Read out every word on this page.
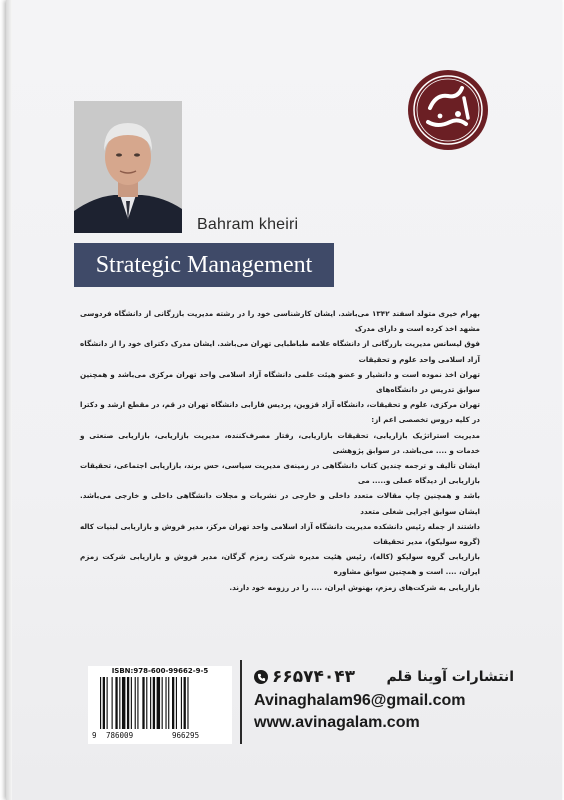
Bahram kheiri
Strategic Management

بهرام خیری متولد اسفند ۱۳۴۲ می‌باشد. ایشان کارشناسی خود را در رشته مدیریت بازرگانی از دانشگاه فردوسی مشهد اخذ کرده است و دارای مدرک

فوق لیسانس مدیریت بازرگانی از دانشگاه علامه طباطبایی تهران می‌باشد. ایشان مدرک دکترای خود را از دانشگاه آزاد اسلامی واحد علوم و تحقیقات

تهران اخذ نموده است و دانشیار و عضو هیئت علمی دانشگاه آزاد اسلامی واحد تهران مرکزی می‌باشد و همچنین سوابق تدریس در دانشگاه‌های

تهران مرکزی، علوم و تحقیقات، دانشگاه آزاد قزوین، پردیس فارابی دانشگاه تهران در قم، در مقطع ارشد و دکترا در کلیه دروس تخصصی اعم از:

مدیریت استراتژیک بازاریابی، تحقیقات بازاریابی، رفتار مصرف‌کننده، مدیریت بازاریابی، بازاریابی صنعتی و خدمات و .... می‌باشد. در سوابق پژوهشی

ایشان تألیف و ترجمه چندین کتاب دانشگاهی در زمینه‌ی مدیریت سیاسی، حس برند، بازاریابی اجتماعی، تحقیقات بازاریابی از دیدگاه عملی و..... می

باشد و همچنین چاپ مقالات متعدد داخلی و خارجی در نشریات و مجلات دانشگاهی داخلی و خارجی می‌باشد. ایشان سوابق اجرایی شغلی متعدد

داشتند از جمله رئیس دانشکده مدیریت دانشگاه آزاد اسلامی واحد تهران مرکز، مدیر فروش و بازاریابی لبنیات کاله (گروه سولیکو)، مدیر تحقیقات

بازاریابی گروه سولیکو (کاله)، رئیس هئیت مدیره شرکت زمزم گرگان، مدیر فروش و بازاریابی شرکت زمزم ایران، .... است و همچنین سوابق مشاوره

بازاریابی به شرکت‌های زمزم، بهنوش ایران، .... را در رزومه خود دارند.

ISBN:978-600-99662-9-5
9 786009	966295
۶۶۵۷۴۰۴۳ انتشارات آوینا قلم
Avinaghalam96@gmail.com
www.avinagalam.com
